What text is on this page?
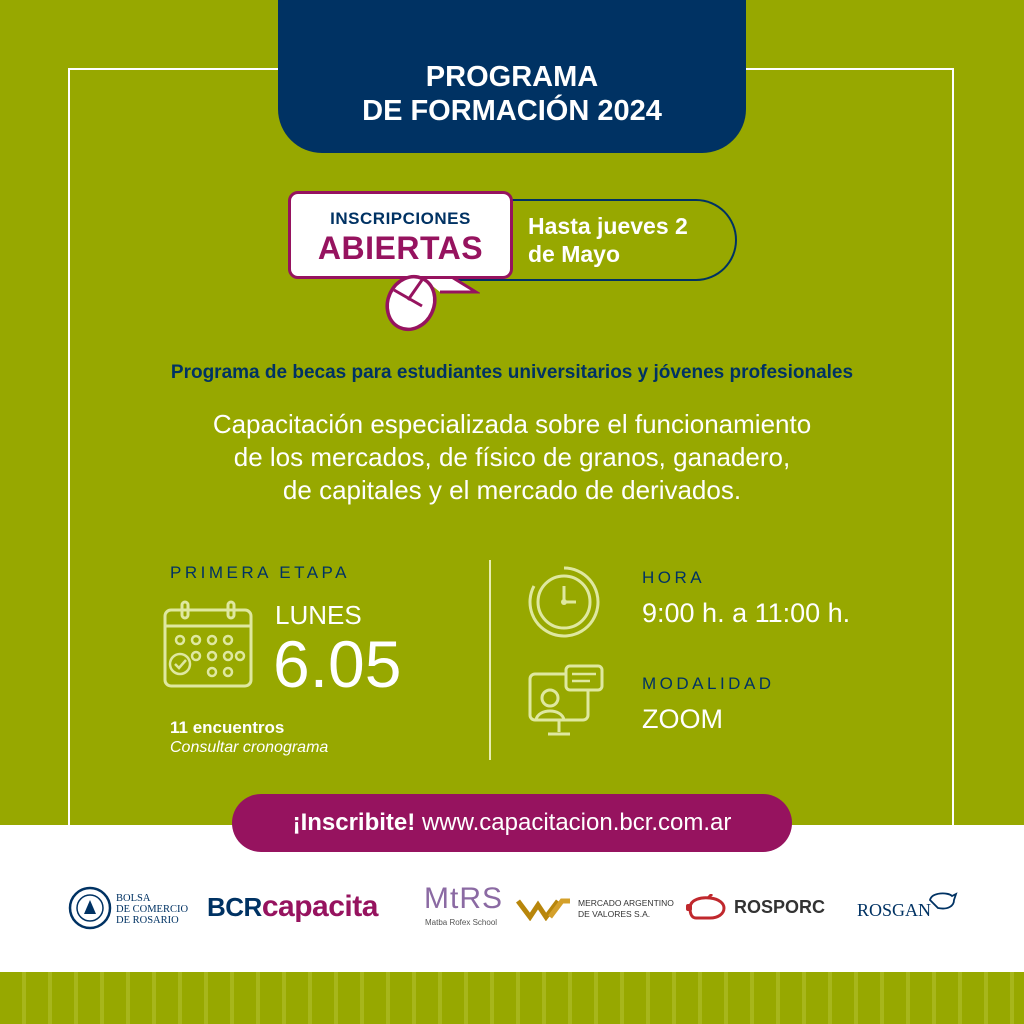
PROGRAMA
DE FORMACIÓN 2024
Hasta jueves 2
de Mayo
INSCRIPCIONES
ABIERTAS
Programa de becas para estudiantes universitarios y jóvenes profesionales
Capacitación especializada sobre el funcionamiento
de los mercados, de físico de granos, ganadero,
de capitales y el mercado de derivados.
PRIMERA ETAPA
LUNES
6.05
11 encuentros
Consultar cronograma
HORA
9:00 h. a 11:00 h.
MODALIDAD
ZOOM
¡Inscribite! www.capacitacion.bcr.com.ar
BOLSA
DE COMERCIO
DE ROSARIO	BCRcapacita MtRS
Matba Rofex School
MERCADO ARGENTINO
DE VALORES S.A.	ROSPORC ROSGAN
